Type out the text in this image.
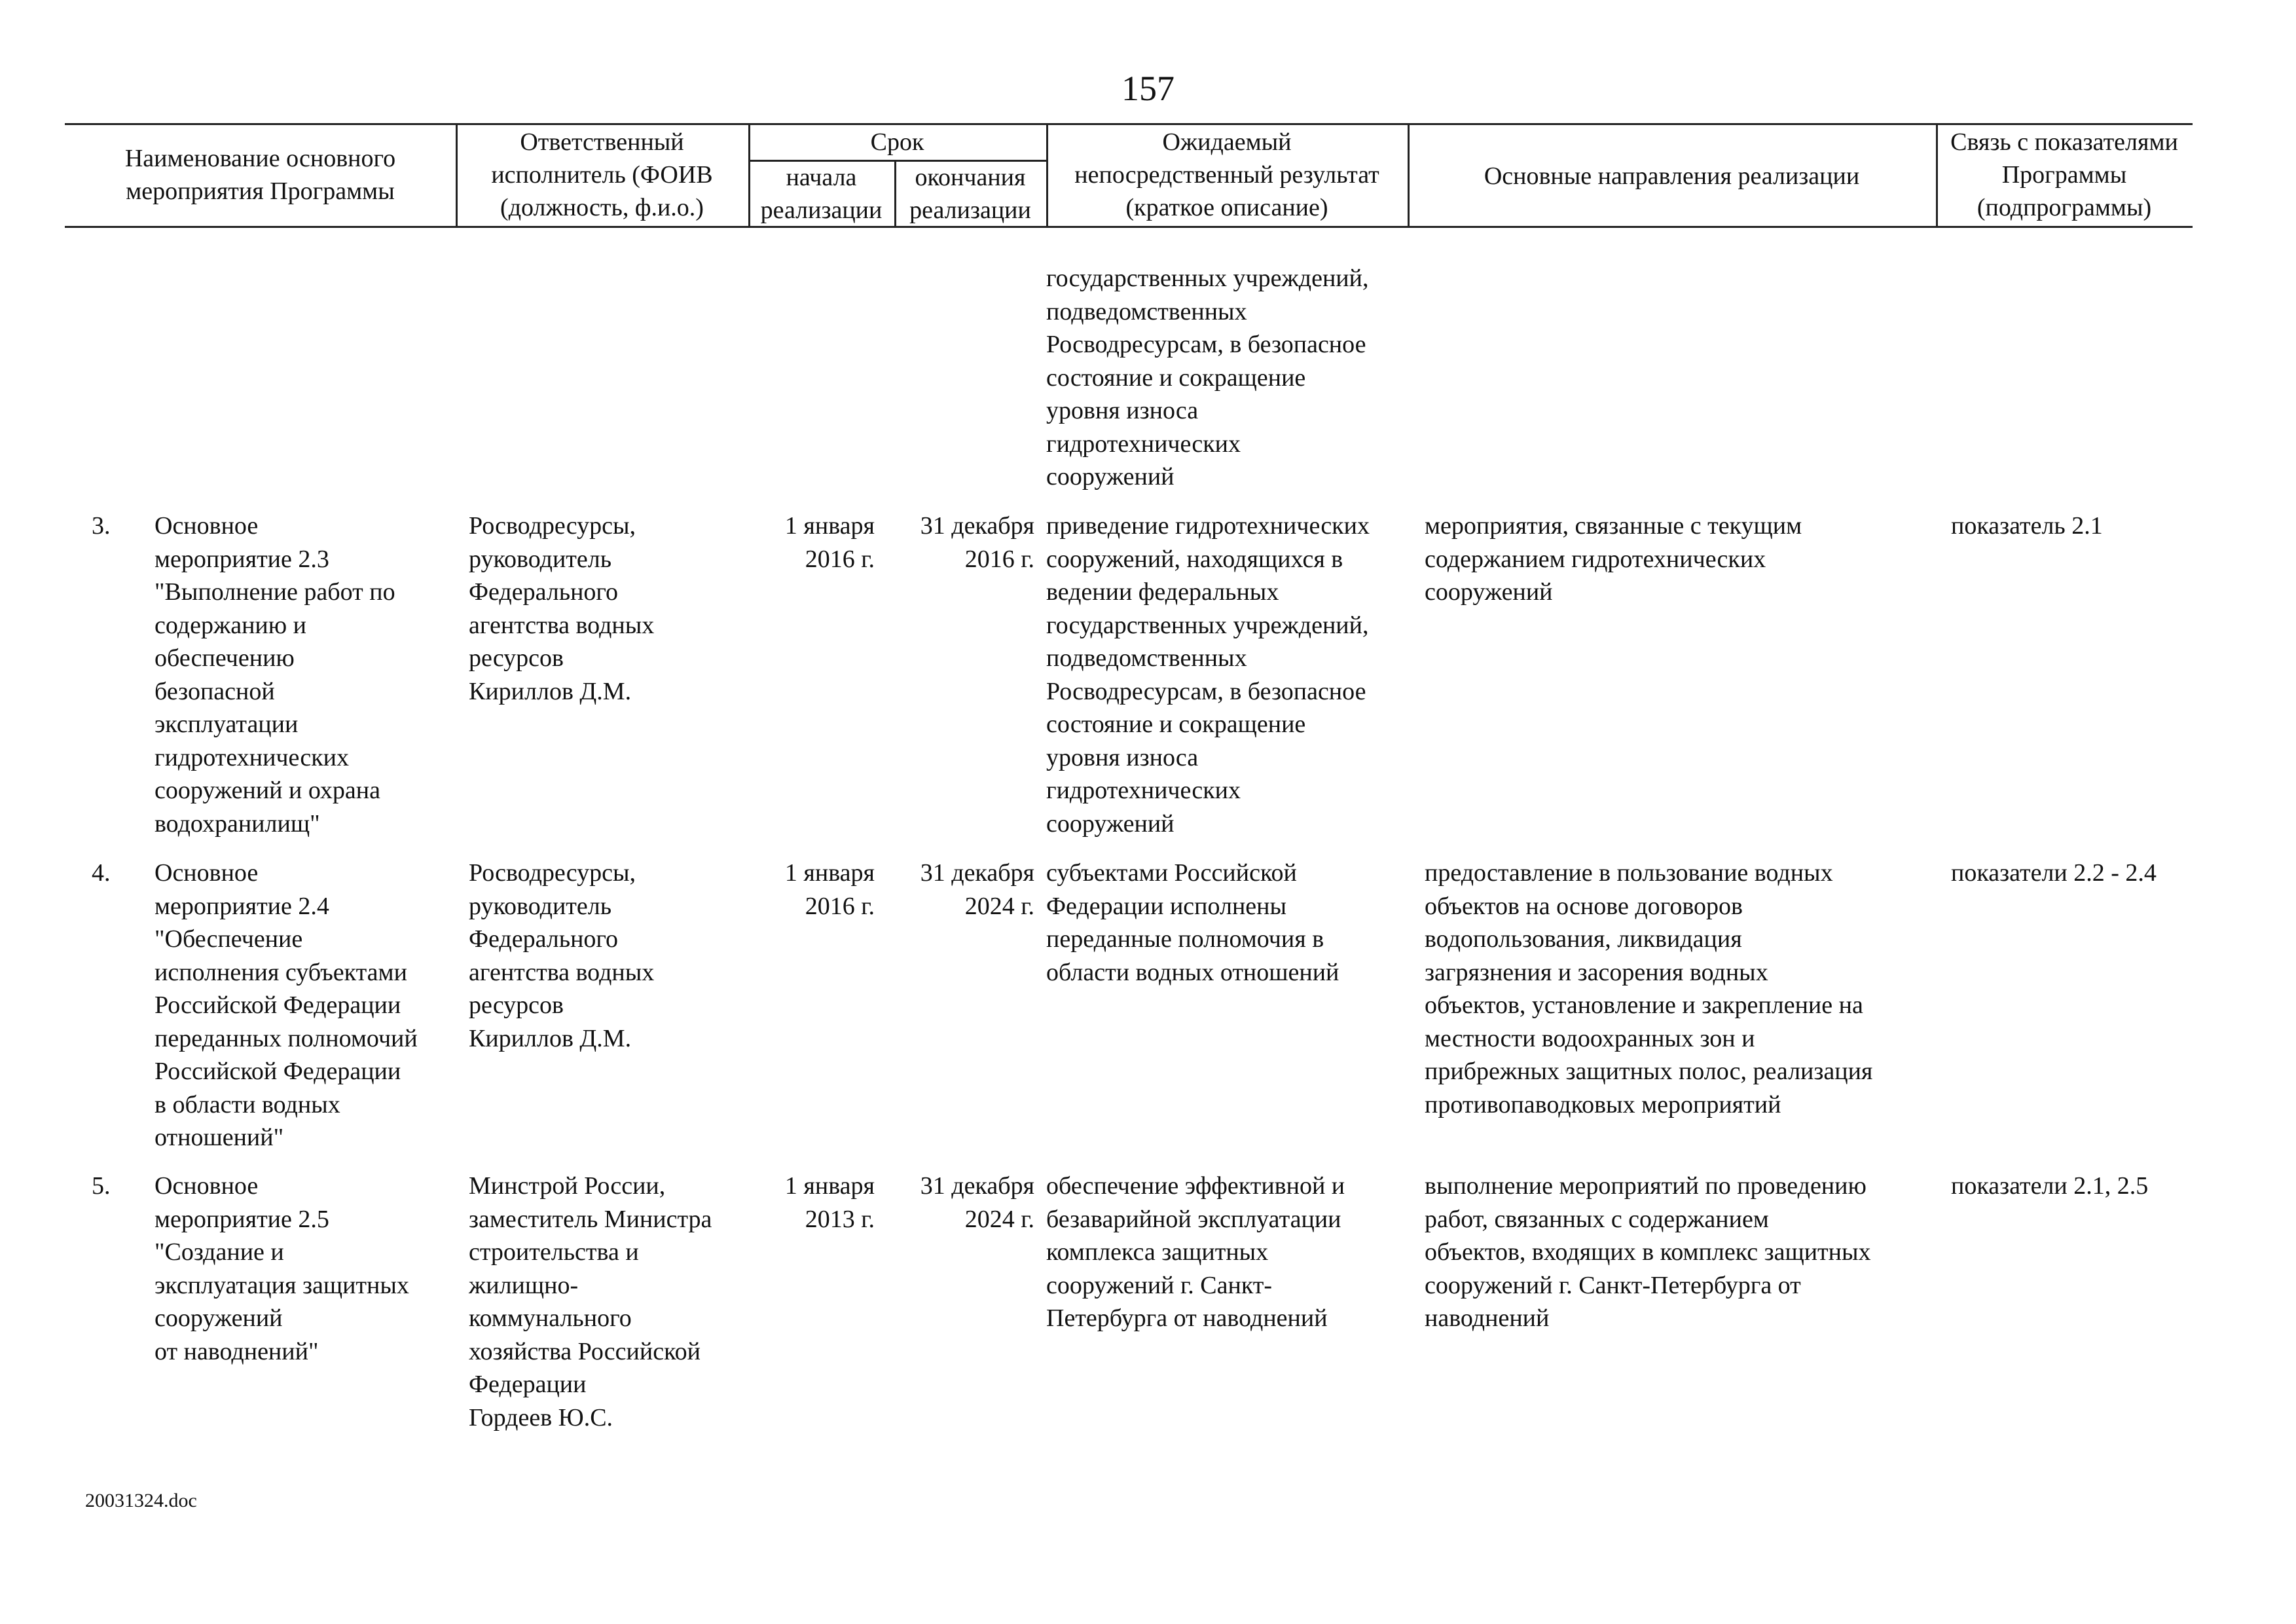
157
Наименование основного
мероприятия Программы
Ответственный
исполнитель (ФОИВ
(должность, ф.и.о.)
Срок
начала
реализации
окончания
реализации
Ожидаемый
непосредственный результат
(краткое описание)
Основные направления реализации
Связь с показателями
Программы
(подпрограммы)
государственных учреждений,
подведомственных
Росводресурсам, в безопасное
состояние и сокращение
уровня износа
гидротехнических
сооружений
3. Основное
мероприятие 2.3
"Выполнение работ по
содержанию и
обеспечению
безопасной
эксплуатации
гидротехнических
сооружений и охрана
водохранилищ"
Росводресурсы,
руководитель
Федерального
агентства водных
ресурсов
Кириллов Д.М.
1 января
2016 г.
31 декабря
2016 г.
приведение гидротехнических
сооружений, находящихся в
ведении федеральных
государственных учреждений,
подведомственных
Росводресурсам, в безопасное
состояние и сокращение
уровня износа
гидротехнических
сооружений
мероприятия, связанные с текущим
содержанием гидротехнических
сооружений
показатель 2.1
4. Основное
мероприятие 2.4
"Обеспечение
исполнения субъектами
Российской Федерации
переданных полномочий
Российской Федерации
в области водных
отношений"
Росводресурсы,
руководитель
Федерального
агентства водных
ресурсов
Кириллов Д.М.
1 января
2016 г.
31 декабря
2024 г.
субъектами Российской
Федерации исполнены
переданные полномочия в
области водных отношений
предоставление в пользование водных
объектов на основе договоров
водопользования, ликвидация
загрязнения и засорения водных
объектов, установление и закрепление на
местности водоохранных зон и
прибрежных защитных полос, реализация
противопаводковых мероприятий
показатели 2.2 - 2.4
5. Основное
мероприятие 2.5
"Создание и
эксплуатация защитных
сооружений
от наводнений"
Минстрой России,
заместитель Министра
строительства и
жилищно-
коммунального
хозяйства Российской
Федерации
Гордеев Ю.С.
1 января
2013 г.
31 декабря
2024 г.
обеспечение эффективной и
безаварийной эксплуатации
комплекса защитных
сооружений г. Санкт-
Петербурга от наводнений
выполнение мероприятий по проведению
работ, связанных с содержанием
объектов, входящих в комплекс защитных
сооружений г. Санкт-Петербурга от
наводнений
показатели 2.1, 2.5
20031324.doc
